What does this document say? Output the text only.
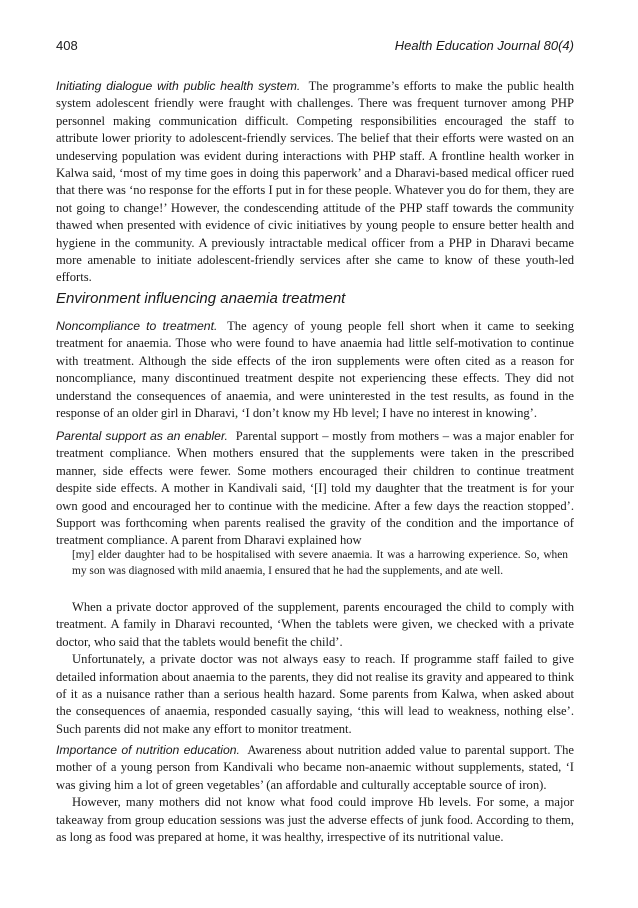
408	Health Education Journal 80(4)

Initiating dialogue with public health system. The programme’s efforts to make the public health system adolescent friendly were fraught with challenges. There was frequent turnover among PHP personnel making communication difficult. Competing responsibilities encouraged the staff to attribute lower priority to adolescent-friendly services. The belief that their efforts were wasted on an undeserving population was evident during interactions with PHP staff. A frontline health worker in Kalwa said, ‘most of my time goes in doing this paperwork’ and a Dharavi-based medical officer rued that there was ‘no response for the efforts I put in for these people. Whatever you do for them, they are not going to change!’ However, the condescending attitude of the PHP staff towards the community thawed when presented with evidence of civic initiatives by young people to ensure better health and hygiene in the community. A previously intractable medical officer from a PHP in Dharavi became more amenable to initiate adolescent-friendly services after she came to know of these youth-led efforts.

Environment influencing anaemia treatment

Noncompliance to treatment. The agency of young people fell short when it came to seeking treatment for anaemia. Those who were found to have anaemia had little self-motivation to continue with treatment. Although the side effects of the iron supplements were often cited as a reason for noncompliance, many discontinued treatment despite not experiencing these effects. They did not understand the consequences of anaemia, and were uninterested in the test results, as found in the response of an older girl in Dharavi, ‘I don’t know my Hb level; I have no interest in knowing’.

Parental support as an enabler. Parental support – mostly from mothers – was a major enabler for treatment compliance. When mothers ensured that the supplements were taken in the prescribed manner, side effects were fewer. Some mothers encouraged their children to continue treatment despite side effects. A mother in Kandivali said, ‘[I] told my daughter that the treatment is for your own good and encouraged her to continue with the medicine. After a few days the reaction stopped’. Support was forthcoming when parents realised the gravity of the condition and the importance of treatment compliance. A parent from Dharavi explained how

[my] elder daughter had to be hospitalised with severe anaemia. It was a harrowing experience. So, when my son was diagnosed with mild anaemia, I ensured that he had the supplements, and ate well.

When a private doctor approved of the supplement, parents encouraged the child to comply with treatment. A family in Dharavi recounted, ‘When the tablets were given, we checked with a private doctor, who said that the tablets would benefit the child’.

Unfortunately, a private doctor was not always easy to reach. If programme staff failed to give detailed information about anaemia to the parents, they did not realise its gravity and appeared to think of it as a nuisance rather than a serious health hazard. Some parents from Kalwa, when asked about the consequences of anaemia, responded casually saying, ‘this will lead to weakness, nothing else’. Such parents did not make any effort to monitor treatment.

Importance of nutrition education. Awareness about nutrition added value to parental support. The mother of a young person from Kandivali who became non-anaemic without supplements, stated, ‘I was giving him a lot of green vegetables’ (an affordable and culturally acceptable source of iron).

However, many mothers did not know what food could improve Hb levels. For some, a major takeaway from group education sessions was just the adverse effects of junk food. According to them, as long as food was prepared at home, it was healthy, irrespective of its nutritional value.
